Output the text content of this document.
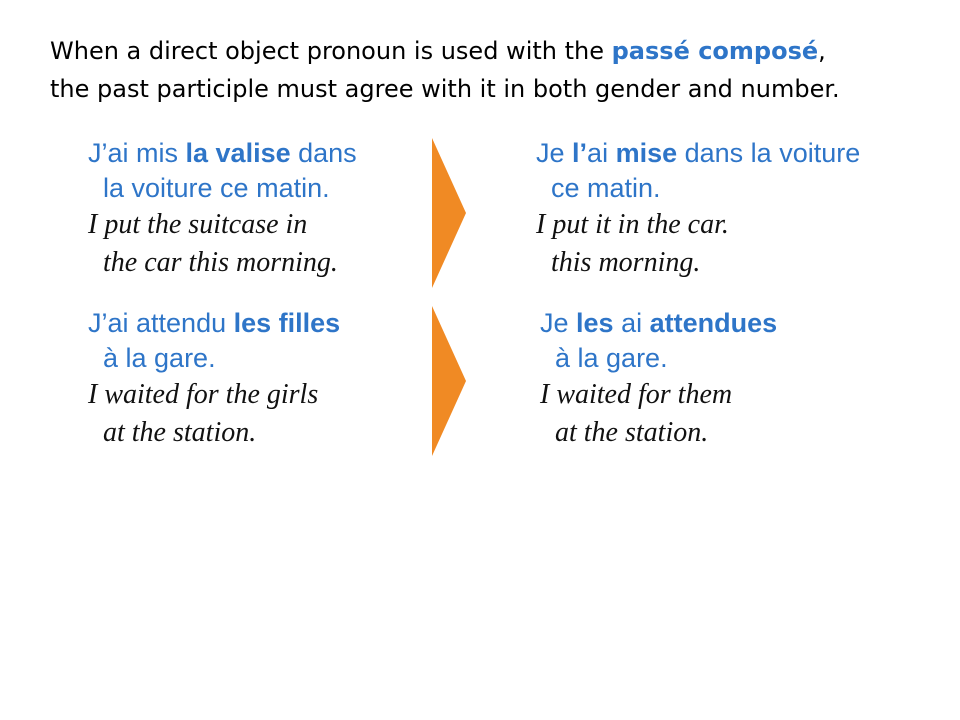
When a direct object pronoun is used with the passé composé,
the past participle must agree with it in both gender and number.
J’ai mis la valise dans
la voiture ce matin.
I put the suitcase in
the car this morning.
Je l’ai mise dans la voiture
ce matin.
I put it in the car.
this morning.
J’ai attendu les filles
à la gare.
I waited for the girls
at the station.
Je les ai attendues
à la gare.
I waited for them
at the station.
